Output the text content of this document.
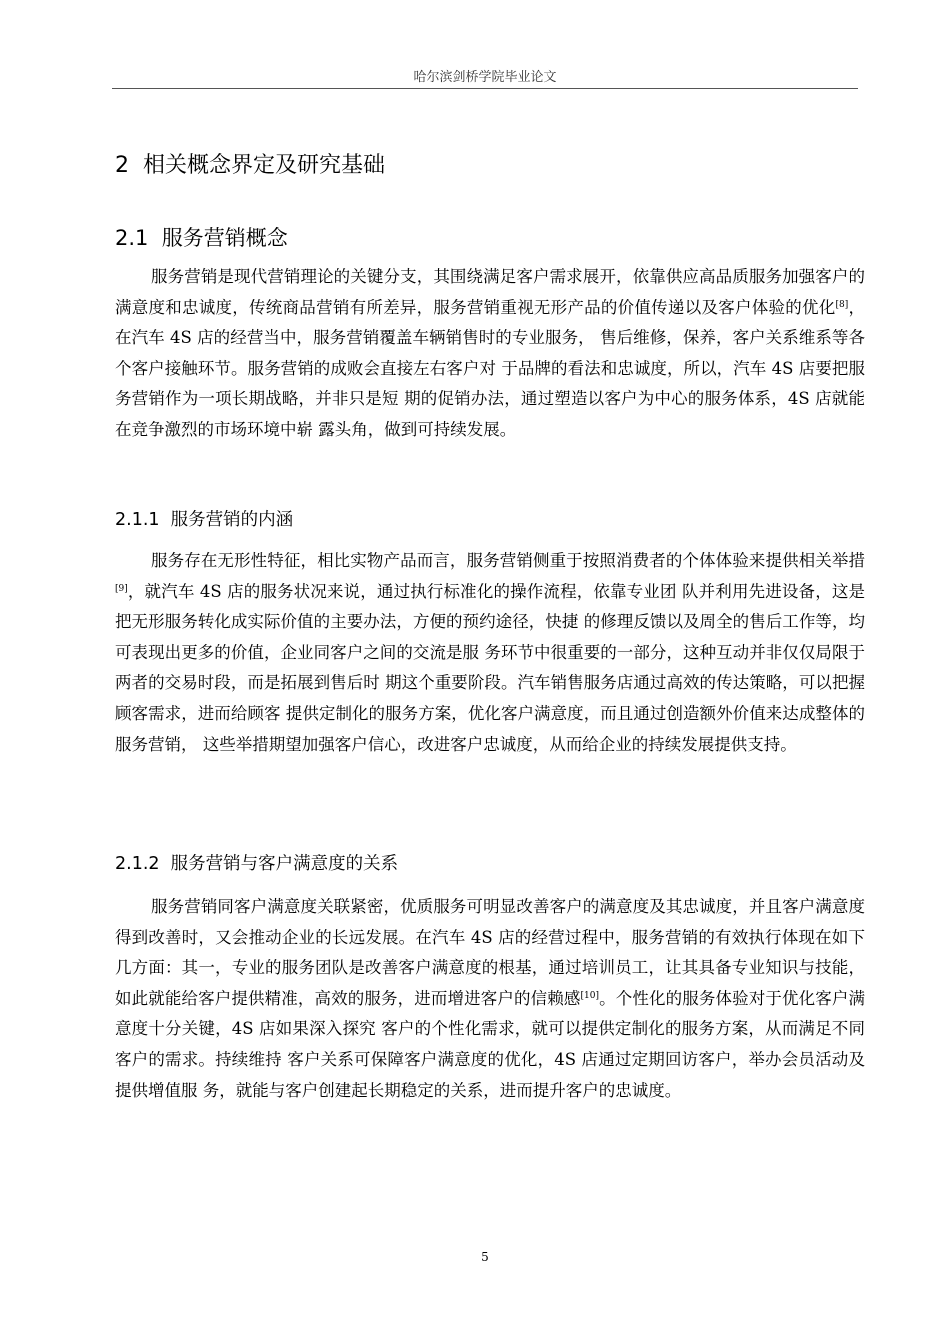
哈尔滨剑桥学院毕业论文
2 相关概念界定及研究基础
2.1 服务营销概念
服务营销是现代营销理论的关键分支，其围绕满足客户需求展开，依靠供应高品质服务加强客户的满意度和忠诚度，传统商品营销有所差异，服务营销重视无形产品的价值传递以及客户体验的优化[8]，在汽车 4S 店的经营当中，服务营销覆盖车辆销售时的专业服务， 售后维修，保养，客户关系维系等各个客户接触环节。服务营销的成败会直接左右客户对 于品牌的看法和忠诚度，所以，汽车 4S 店要把服务营销作为一项长期战略，并非只是短 期的促销办法，通过塑造以客户为中心的服务体系，4S 店就能在竞争激烈的市场环境中崭 露头角，做到可持续发展。
2.1.1 服务营销的内涵
服务存在无形性特征，相比实物产品而言，服务营销侧重于按照消费者的个体体验来提供相关举措[9]，就汽车 4S 店的服务状况来说，通过执行标准化的操作流程，依靠专业团 队并利用先进设备，这是把无形服务转化成实际价值的主要办法，方便的预约途径，快捷 的修理反馈以及周全的售后工作等，均可表现出更多的价值，企业同客户之间的交流是服 务环节中很重要的一部分，这种互动并非仅仅局限于两者的交易时段，而是拓展到售后时 期这个重要阶段。汽车销售服务店通过高效的传达策略，可以把握顾客需求，进而给顾客 提供定制化的服务方案，优化客户满意度，而且通过创造额外价值来达成整体的服务营销， 这些举措期望加强客户信心，改进客户忠诚度，从而给企业的持续发展提供支持。
2.1.2 服务营销与客户满意度的关系
服务营销同客户满意度关联紧密，优质服务可明显改善客户的满意度及其忠诚度，并且客户满意度得到改善时，又会推动企业的长远发展。在汽车 4S 店的经营过程中，服务营销的有效执行体现在如下几方面：其一，专业的服务团队是改善客户满意度的根基，通过培训员工，让其具备专业知识与技能，如此就能给客户提供精准，高效的服务，进而增进客户的信赖感[10]。个性化的服务体验对于优化客户满意度十分关键，4S 店如果深入探究 客户的个性化需求，就可以提供定制化的服务方案，从而满足不同客户的需求。持续维持 客户关系可保障客户满意度的优化，4S 店通过定期回访客户，举办会员活动及提供增值服 务，就能与客户创建起长期稳定的关系，进而提升客户的忠诚度。
5
